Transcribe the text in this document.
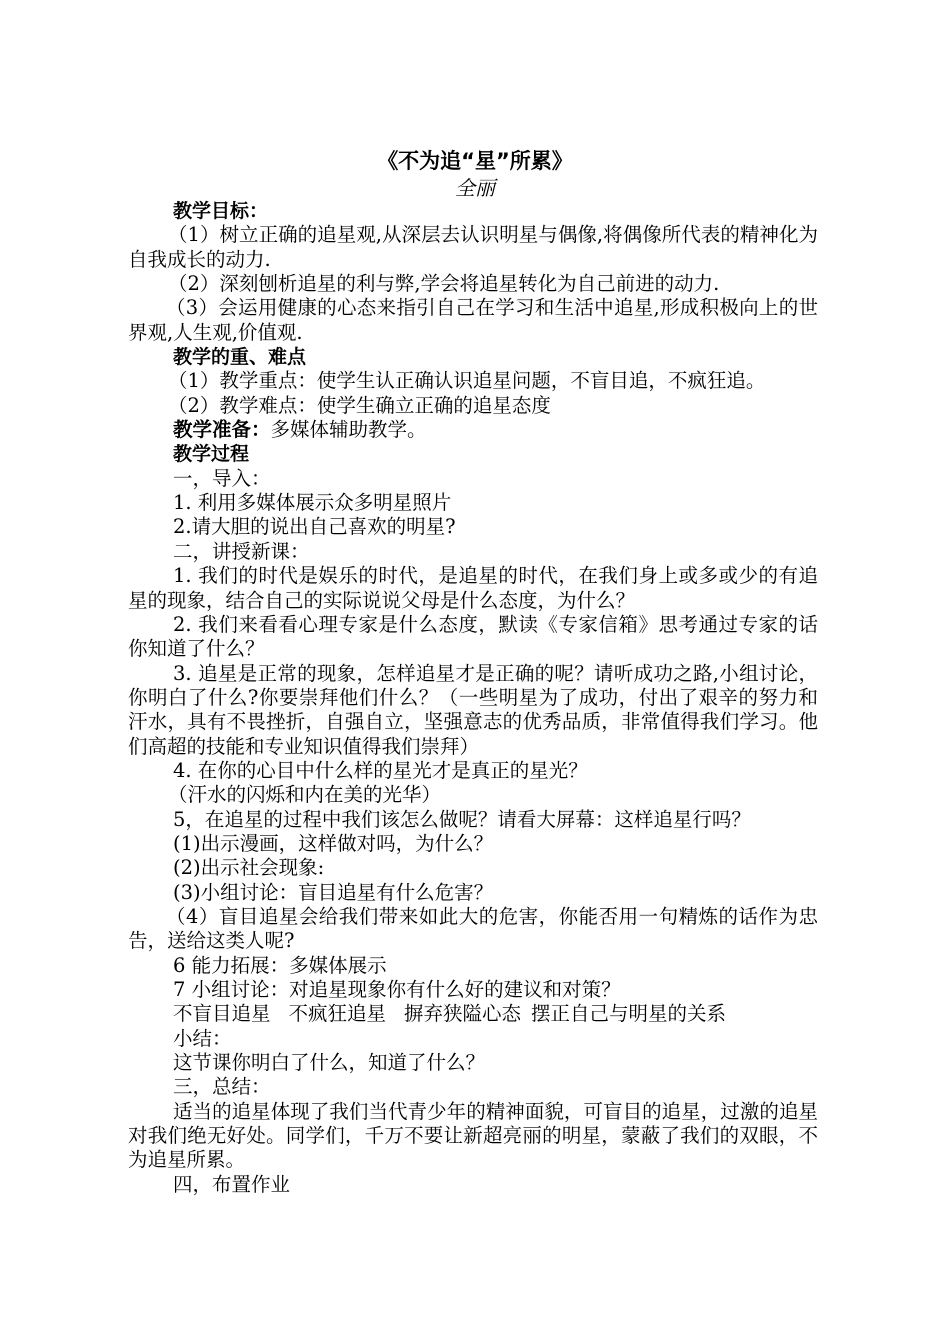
《不为追“星”所累》
全丽

教学目标：

（1）树立正确的追星观,从深层去认识明星与偶像,将偶像所代表的精神化为自我成长的动力.

（2）深刻刨析追星的利与弊,学会将追星转化为自己前进的动力.

（3）会运用健康的心态来指引自己在学习和生活中追星,形成积极向上的世界观,人生观,价值观.

教学的重、难点

（1）教学重点：使学生认正确认识追星问题，不盲目追，不疯狂追。

（2）教学难点：使学生确立正确的追星态度

教学准备：多媒体辅助教学。

教学过程

一，导入：

1. 利用多媒体展示众多明星照片

2.请大胆的说出自己喜欢的明星?

二，讲授新课：

1. 我们的时代是娱乐的时代，是追星的时代，在我们身上或多或少的有追星的现象，结合自己的实际说说父母是什么态度，为什么？

2. 我们来看看心理专家是什么态度，默读《专家信箱》思考通过专家的话你知道了什么？

3. 追星是正常的现象，怎样追星才是正确的呢？请听成功之路,小组讨论，你明白了什么?你要崇拜他们什么？（一些明星为了成功，付出了艰辛的努力和汗水，具有不畏挫折，自强自立，坚强意志的优秀品质，非常值得我们学习。他们高超的技能和专业知识值得我们崇拜）

4. 在你的心目中什么样的星光才是真正的星光？

（汗水的闪烁和内在美的光华）

5，在追星的过程中我们该怎么做呢？请看大屏幕：这样追星行吗？

(1)出示漫画，这样做对吗，为什么？

(2)出示社会现象:

(3)小组讨论：盲目追星有什么危害？

（4）盲目追星会给我们带来如此大的危害，你能否用一句精炼的话作为忠告，送给这类人呢?

6 能力拓展：多媒体展示

7 小组讨论：对追星现象你有什么好的建议和对策？

不盲目追星 不疯狂追星 摒弃狭隘心态 摆正自己与明星的关系

小结：

这节课你明白了什么，知道了什么？

三，总结：

适当的追星体现了我们当代青少年的精神面貌，可盲目的追星，过激的追星对我们绝无好处。同学们，千万不要让新超亮丽的明星，蒙蔽了我们的双眼，不为追星所累。

四，布置作业
